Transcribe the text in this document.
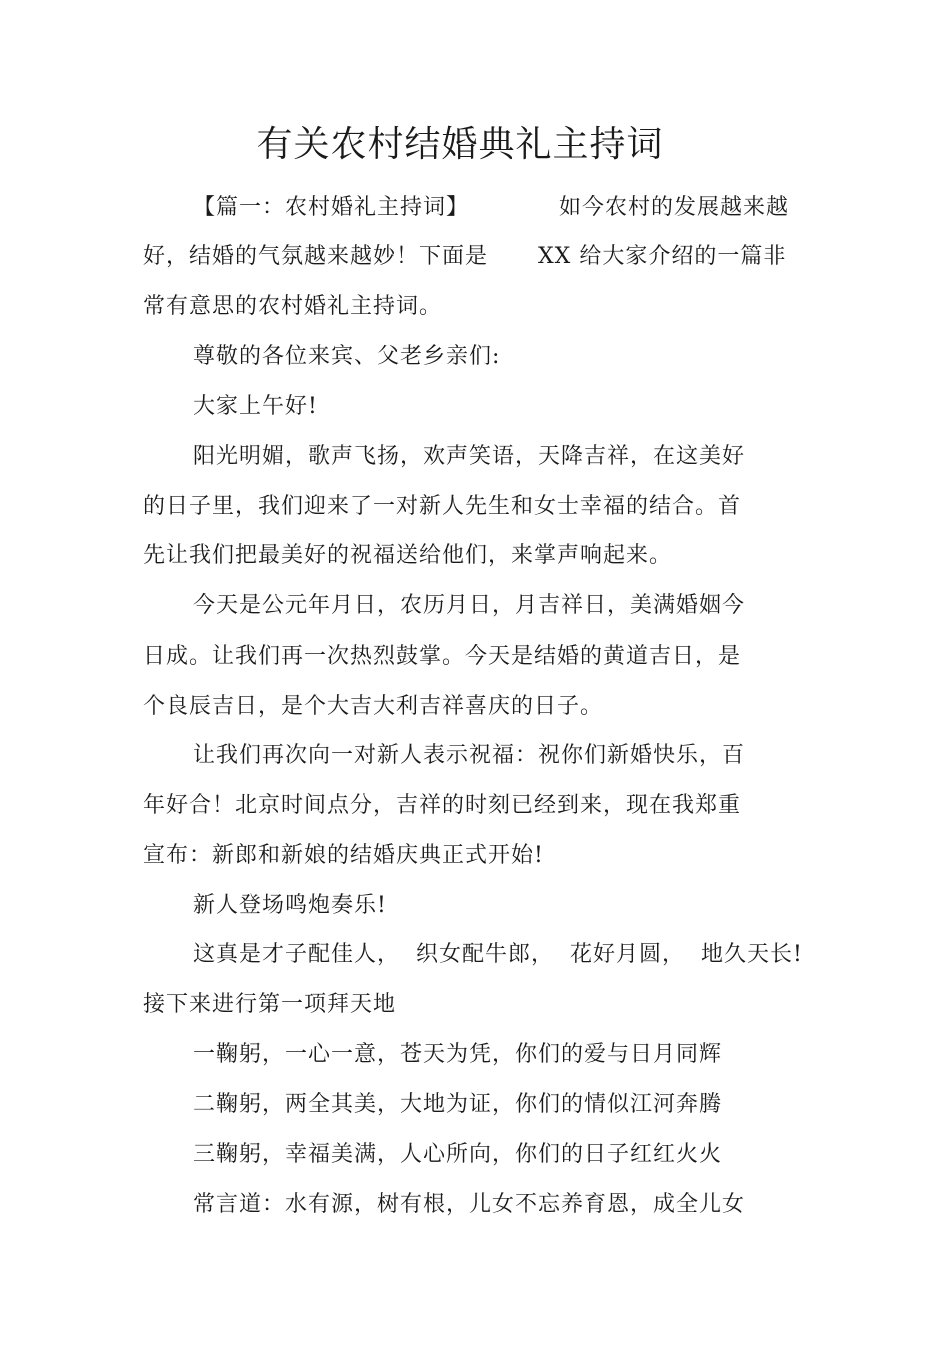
有关农村结婚典礼主持词
【篇一：农村婚礼主持词】	如今农村的发展越来越
好，结婚的气氛越来越妙！下面是 XX 给大家介绍的一篇非
常有意思的农村婚礼主持词。
尊敬的各位来宾、父老乡亲们:
大家上午好!
阳光明媚，歌声飞扬，欢声笑语，天降吉祥，在这美好
的日子里，我们迎来了一对新人先生和女士幸福的结合。首
先让我们把最美好的祝福送给他们，来掌声响起来。
今天是公元年月日，农历月日，月吉祥日，美满婚姻今
日成。让我们再一次热烈鼓掌。今天是结婚的黄道吉日，是
个良辰吉日，是个大吉大利吉祥喜庆的日子。
让我们再次向一对新人表示祝福：祝你们新婚快乐，百
年好合！北京时间点分，吉祥的时刻已经到来，现在我郑重
宣布：新郎和新娘的结婚庆典正式开始!
新人登场鸣炮奏乐!
这真是才子配佳人，  织女配牛郎，  花好月圆，  地久天长!
接下来进行第一项拜天地
一鞠躬，一心一意，苍天为凭，你们的爱与日月同辉
二鞠躬，两全其美，大地为证，你们的情似江河奔腾
三鞠躬，幸福美满，人心所向，你们的日子红红火火
常言道：水有源，树有根，儿女不忘养育恩，成全儿女
